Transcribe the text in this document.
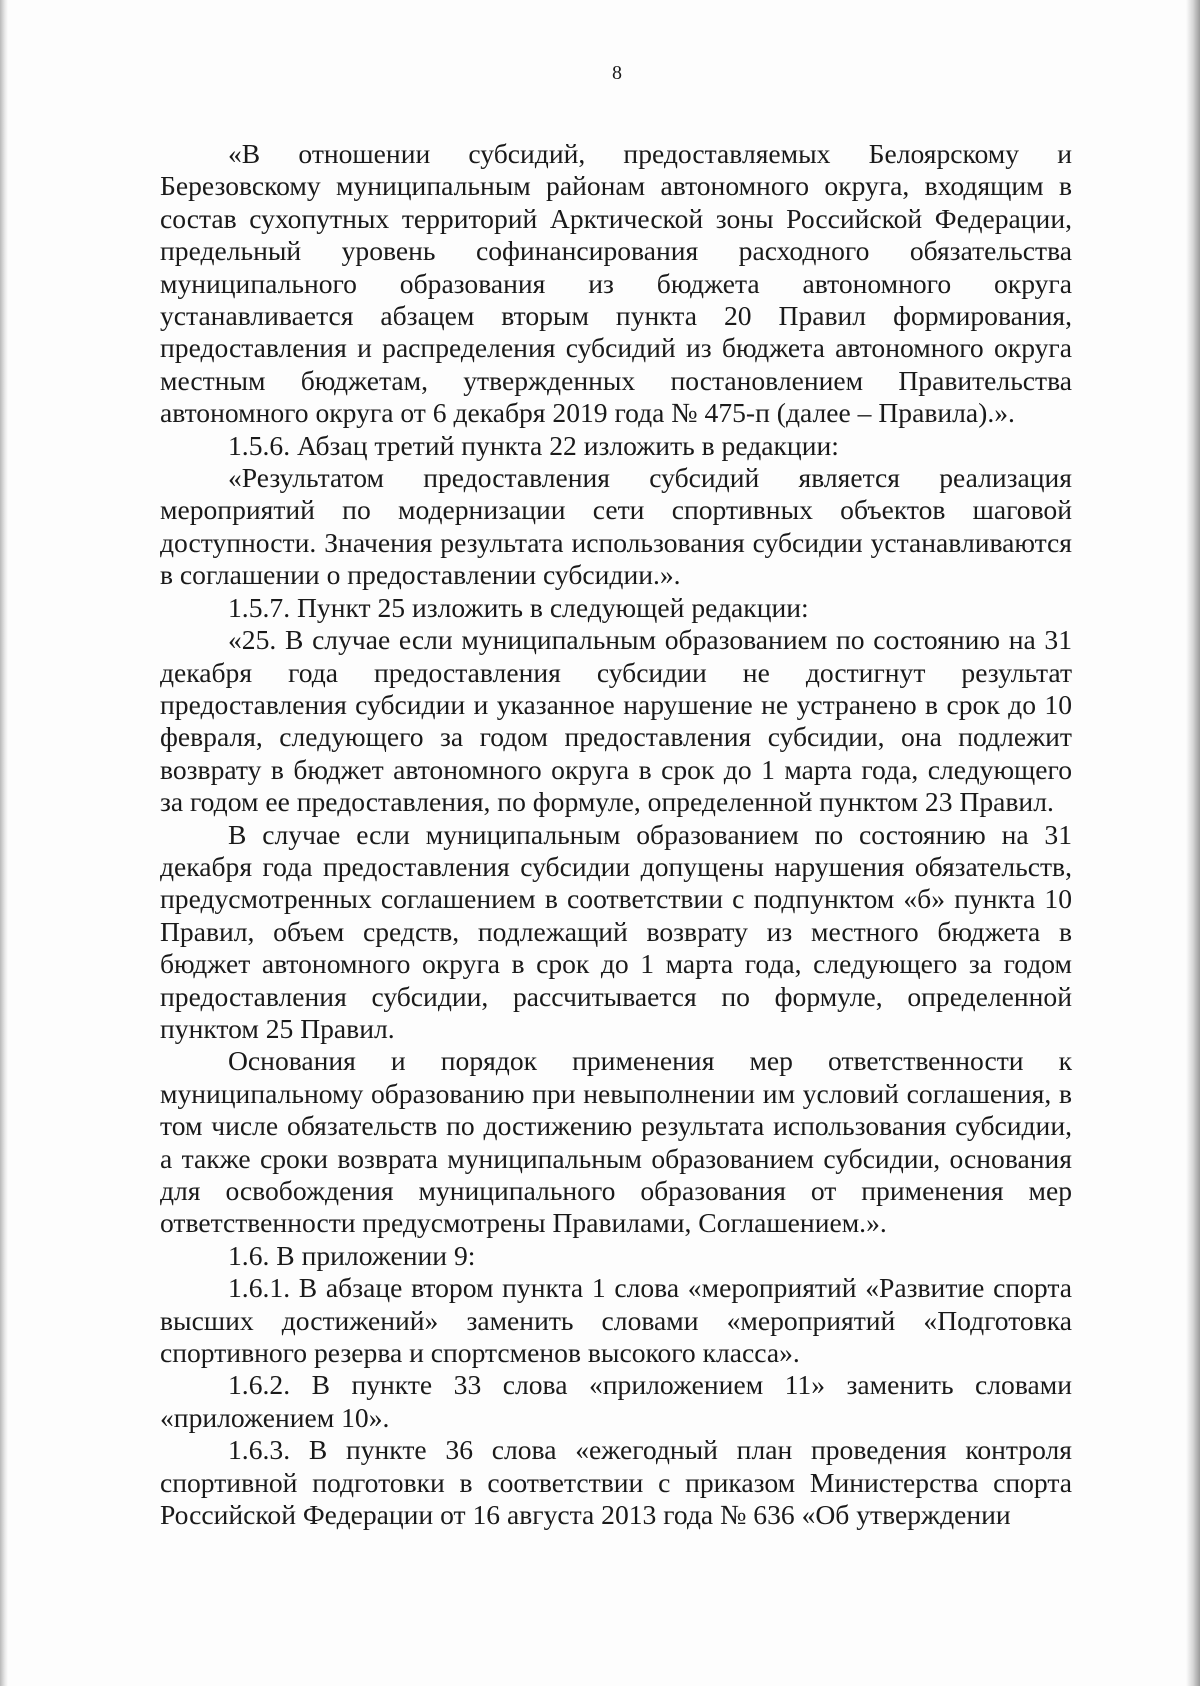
8

«В отношении субсидий, предоставляемых Белоярскому и Березовскому муниципальным районам автономного округа, входящим в состав сухопутных территорий Арктической зоны Российской Федерации, предельный уровень софинансирования расходного обязательства муниципального образования из бюджета автономного округа устанавливается абзацем вторым пункта 20 Правил формирования, предоставления и распределения субсидий из бюджета автономного округа местным бюджетам, утвержденных постановлением Правительства автономного округа от 6 декабря 2019 года № 475-п (далее – Правила).».

1.5.6. Абзац третий пункта 22 изложить в редакции:

«Результатом предоставления субсидий является реализация мероприятий по модернизации сети спортивных объектов шаговой доступности. Значения результата использования субсидии устанавливаются в соглашении о предоставлении субсидии.».

1.5.7. Пункт 25 изложить в следующей редакции:

«25. В случае если муниципальным образованием по состоянию на 31 декабря года предоставления субсидии не достигнут результат предоставления субсидии и указанное нарушение не устранено в срок до 10 февраля, следующего за годом предоставления субсидии, она подлежит возврату в бюджет автономного округа в срок до 1 марта года, следующего за годом ее предоставления, по формуле, определенной пунктом 23 Правил.

В случае если муниципальным образованием по состоянию на 31 декабря года предоставления субсидии допущены нарушения обязательств, предусмотренных соглашением в соответствии с подпунктом «б» пункта 10 Правил, объем средств, подлежащий возврату из местного бюджета в бюджет автономного округа в срок до 1 марта года, следующего за годом предоставления субсидии, рассчитывается по формуле, определенной пунктом 25 Правил.

Основания и порядок применения мер ответственности к муниципальному образованию при невыполнении им условий соглашения, в том числе обязательств по достижению результата использования субсидии, а также сроки возврата муниципальным образованием субсидии, основания для освобождения муниципального образования от применения мер ответственности предусмотрены Правилами, Соглашением.».

1.6. В приложении 9:

1.6.1. В абзаце втором пункта 1 слова «мероприятий «Развитие спорта высших достижений» заменить словами «мероприятий «Подготовка спортивного резерва и спортсменов высокого класса».

1.6.2. В пункте 33 слова «приложением 11» заменить словами «приложением 10».

1.6.3. В пункте 36 слова «ежегодный план проведения контроля спортивной подготовки в соответствии с приказом Министерства спорта Российской Федерации от 16 августа 2013 года № 636 «Об утверждении
